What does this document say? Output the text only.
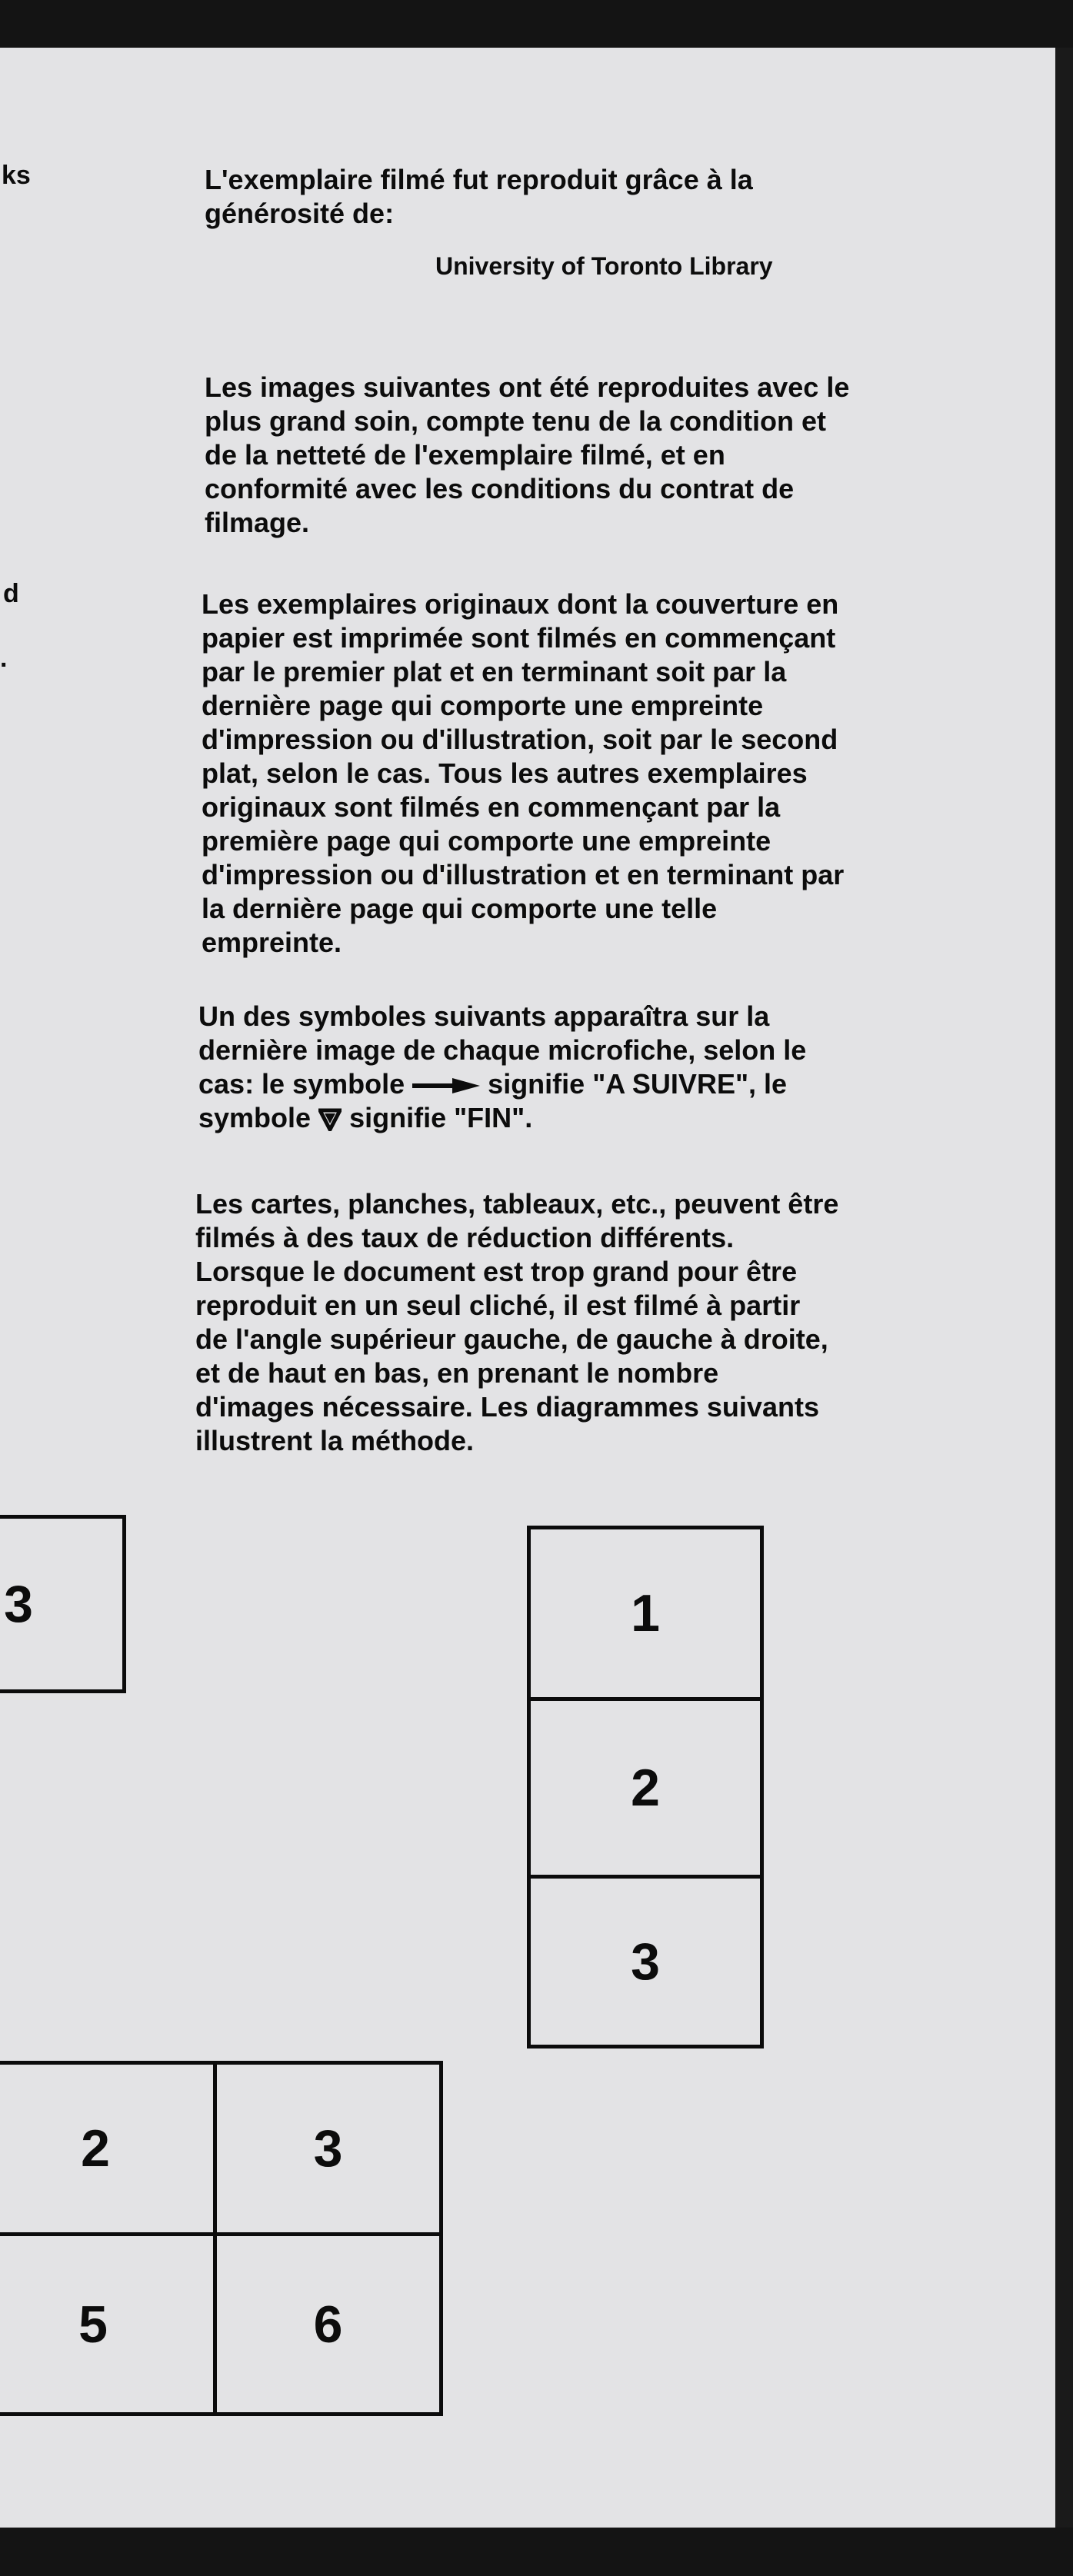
ks

d

.

L'exemplaire filmé fut reproduit grâce à la

générosité de:

University of Toronto Library

Les images suivantes ont été reproduites avec le
plus grand soin, compte tenu de la condition et
de la netteté de l'exemplaire filmé, et en
conformité avec les conditions du contrat de
filmage.

Les exemplaires originaux dont la couverture en
papier est imprimée sont filmés en commençant
par le premier plat et en terminant soit par la
dernière page qui comporte une empreinte
d'impression ou d'illustration, soit par le second
plat, selon le cas. Tous les autres exemplaires
originaux sont filmés en commençant par la
première page qui comporte une empreinte
d'impression ou d'illustration et en terminant par
la dernière page qui comporte une telle
empreinte.

Un des symboles suivants apparaîtra sur la

dernière image de chaque microfiche, selon le

cas: le symbole	signifie "A SUIVRE", le

symbole signifie "FIN".

Les cartes, planches, tableaux, etc., peuvent être
filmés à des taux de réduction différents.
Lorsque le document est trop grand pour être
reproduit en un seul cliché, il est filmé à partir
de l'angle supérieur gauche, de gauche à droite,
et de haut en bas, en prenant le nombre
d'images nécessaire. Les diagrammes suivants
illustrent la méthode.

3	1
2
3
2	3
5	6
